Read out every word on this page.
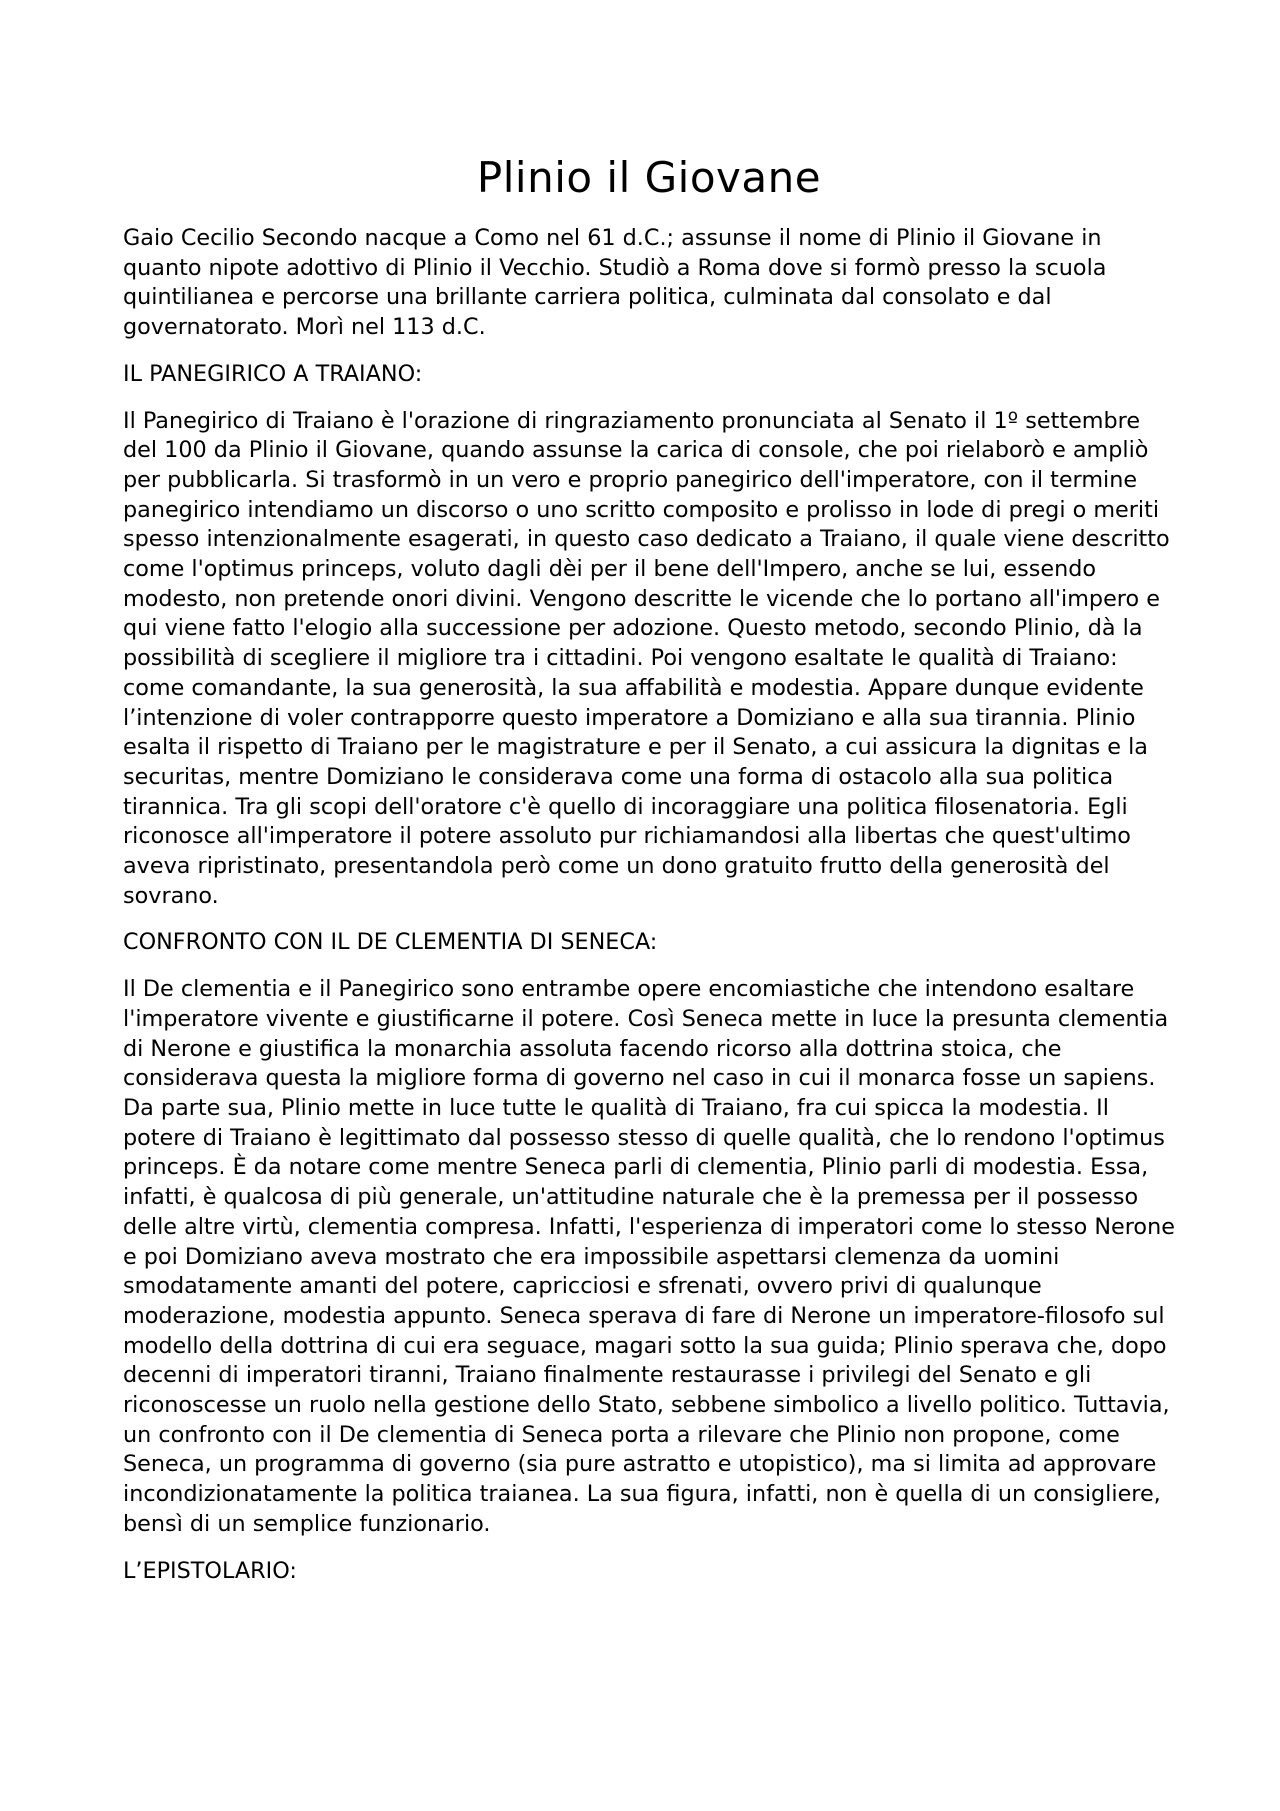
Plinio il Giovane

Gaio Cecilio Secondo nacque a Como nel 61 d.C.; assunse il nome di Plinio il Giovane in quanto nipote adottivo di Plinio il Vecchio. Studiò a Roma dove si formò presso la scuola quintilianea e percorse una brillante carriera politica, culminata dal consolato e dal governatorato. Morì nel 113 d.C.

IL PANEGIRICO A TRAIANO:

Il Panegirico di Traiano è l'orazione di ringraziamento pronunciata al Senato il 1º settembre del 100 da Plinio il Giovane, quando assunse la carica di console, che poi rielaborò e ampliò per pubblicarla. Si trasformò in un vero e proprio panegirico dell'imperatore, con il termine panegirico intendiamo un discorso o uno scritto composito e prolisso in lode di pregi o meriti spesso intenzionalmente esagerati, in questo caso dedicato a Traiano, il quale viene descritto come l'optimus princeps, voluto dagli dèi per il bene dell'Impero, anche se lui, essendo modesto, non pretende onori divini. Vengono descritte le vicende che lo portano all'impero e qui viene fatto l'elogio alla successione per adozione. Questo metodo, secondo Plinio, dà la possibilità di scegliere il migliore tra i cittadini. Poi vengono esaltate le qualità di Traiano: come comandante, la sua generosità, la sua affabilità e modestia. Appare dunque evidente l’intenzione di voler contrapporre questo imperatore a Domiziano e alla sua tirannia. Plinio esalta il rispetto di Traiano per le magistrature e per il Senato, a cui assicura la dignitas e la securitas, mentre Domiziano le considerava come una forma di ostacolo alla sua politica tirannica. Tra gli scopi dell'oratore c'è quello di incoraggiare una politica filosenatoria. Egli riconosce all'imperatore il potere assoluto pur richiamandosi alla libertas che quest'ultimo aveva ripristinato, presentandola però come un dono gratuito frutto della generosità del sovrano.

CONFRONTO CON IL DE CLEMENTIA DI SENECA:

Il De clementia e il Panegirico sono entrambe opere encomiastiche che intendono esaltare l'imperatore vivente e giustificarne il potere. Così Seneca mette in luce la presunta clementia di Nerone e giustifica la monarchia assoluta facendo ricorso alla dottrina stoica, che considerava questa la migliore forma di governo nel caso in cui il monarca fosse un sapiens. Da parte sua, Plinio mette in luce tutte le qualità di Traiano, fra cui spicca la modestia. Il potere di Traiano è legittimato dal possesso stesso di quelle qualità, che lo rendono l'optimus princeps. È da notare come mentre Seneca parli di clementia, Plinio parli di modestia. Essa, infatti, è qualcosa di più generale, un'attitudine naturale che è la premessa per il possesso delle altre virtù, clementia compresa. Infatti, l'esperienza di imperatori come lo stesso Nerone e poi Domiziano aveva mostrato che era impossibile aspettarsi clemenza da uomini smodatamente amanti del potere, capricciosi e sfrenati, ovvero privi di qualunque moderazione, modestia appunto. Seneca sperava di fare di Nerone un imperatore-filosofo sul modello della dottrina di cui era seguace, magari sotto la sua guida; Plinio sperava che, dopo decenni di imperatori tiranni, Traiano finalmente restaurasse i privilegi del Senato e gli riconoscesse un ruolo nella gestione dello Stato, sebbene simbolico a livello politico. Tuttavia, un confronto con il De clementia di Seneca porta a rilevare che Plinio non propone, come Seneca, un programma di governo (sia pure astratto e utopistico), ma si limita ad approvare incondizionatamente la politica traianea. La sua figura, infatti, non è quella di un consigliere, bensì di un semplice funzionario.

L’EPISTOLARIO:
